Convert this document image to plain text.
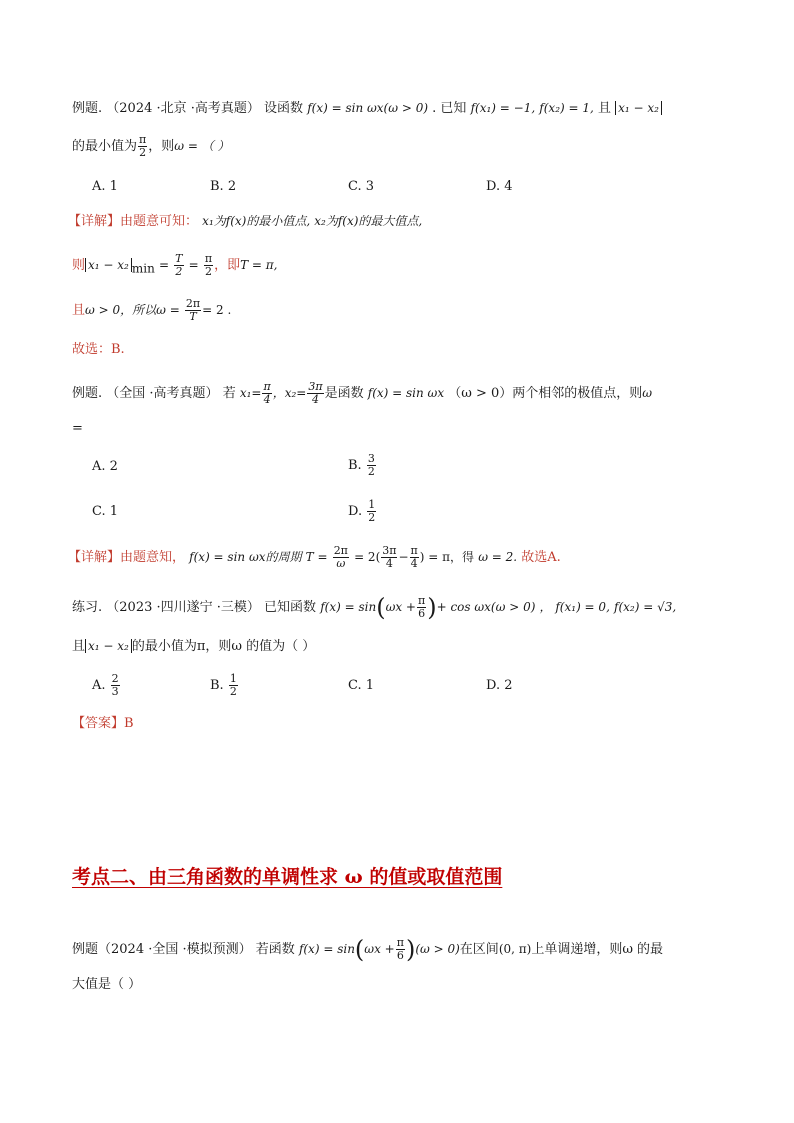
例题. （2024 ·北京 ·高考真题） 设函数 f(x) = sin ωx(ω > 0) . 已知 f(x₁) = −1, f(x₂) = 1, 且 x₁ − x₂
的最小值为 $\frac{\pi}{2}$ ，则ω = （ ）
A. 1	B. 2	C. 3	D. 4
【详解】由题意可知： x₁为f(x)的最小值点, x₂为f(x)的最大值点,
则 x₁ − x₂ $_{min} = \frac{T}{2} = \frac{\pi}{2}$ ，即T = π,
且ω > 0，所以$\omega = \frac{2\pi}{T} = 2$ .
故选：B.
例题. （全国 ·高考真题） 若 $x_1= \frac{\pi}{4}$ ，$x_2= \frac{3\pi}{4}$ 是函数 f(x) = sin ωx （ω > 0）两个相邻的极值点，则ω
=
A. 2	B. $\frac{3}{2}$
C. 1	D. $\frac{1}{2}$
【详解】由题意知， f(x) = sin ωx的周期 $T = \frac{2\pi}{\omega} = 2( \frac{3\pi}{4} - \frac{\pi}{4}$ ) = π，得 ω = 2. 故选A.
练习. （2023 ·四川遂宁 ·三模） 已知函数 $f(x) = \sin(\omega x + \frac{\pi}{6}$ )+ cos ωx(ω > 0) ， f(x₁) = 0, f(x₂) = √3,
且 x₁ − x₂ 的最小值为π，则ω 的值为（ ）
A. $\frac{2}{3}$	B. $\frac{1}{2}$	C. 1	D. 2
【答案】B
考点二、由三角函数的单调性求 ω 的值或取值范围
例题（2024 ·全国 ·模拟预测） 若函数 $f(x) = \sin(\omega x + \frac{\pi}{6} )(\omega > 0)$在区间(0, π)上单调递增，则ω 的最
大值是（ ）
